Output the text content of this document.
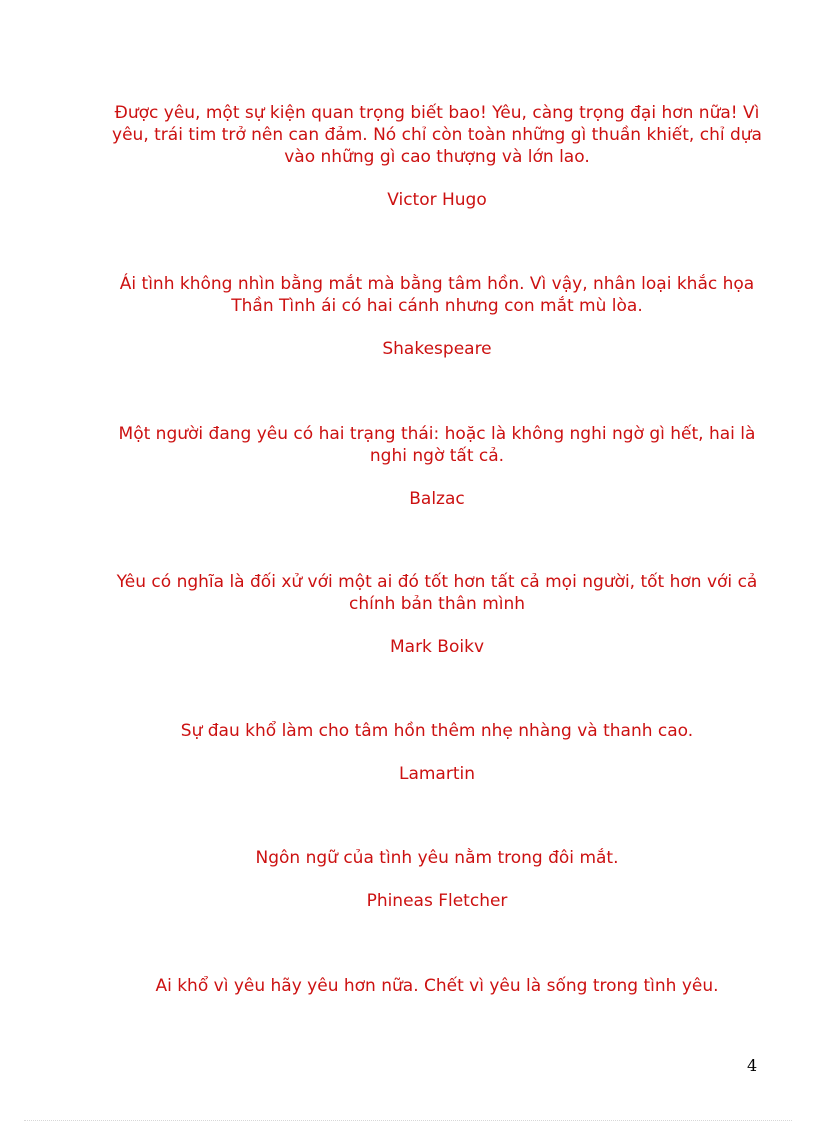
Được yêu, một sự kiện quan trọng biết bao! Yêu, càng trọng đại hơn nữa! Vì yêu, trái tim trở nên can đảm. Nó chỉ còn toàn những gì thuần khiết, chỉ dựa vào những gì cao thượng và lớn lao.

Victor Hugo

Ái tình không nhìn bằng mắt mà bằng tâm hồn. Vì vậy, nhân loại khắc họa Thần Tình ái có hai cánh nhưng con mắt mù lòa.

Shakespeare

Một người đang yêu có hai trạng thái: hoặc là không nghi ngờ gì hết, hai là nghi ngờ tất cả.

Balzac

Yêu có nghĩa là đối xử với một ai đó tốt hơn tất cả mọi người, tốt hơn với cả chính bản thân mình

Mark Boikv

Sự đau khổ làm cho tâm hồn thêm nhẹ nhàng và thanh cao.

Lamartin

Ngôn ngữ của tình yêu nằm trong đôi mắt.

Phineas Fletcher

Ai khổ vì yêu hãy yêu hơn nữa. Chết vì yêu là sống trong tình yêu.

4
